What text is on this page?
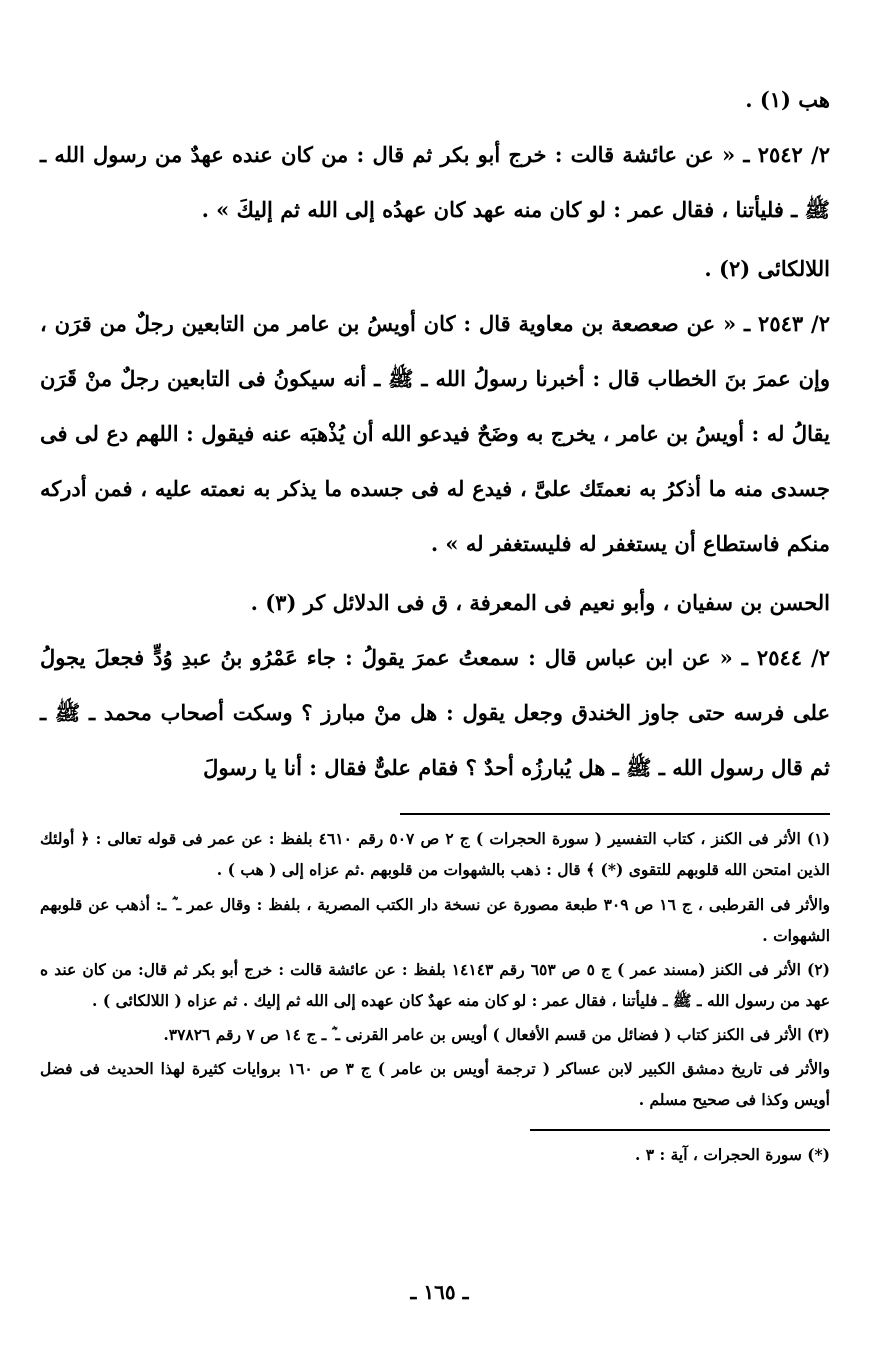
هب (١) .

٢/ ٢٥٤٢ ـ « عن عائشة قالت : خرج أبو بكر ثم قال : من كان عنده عهدٌ من رسول الله ـ ﷺ ـ فليأتنا ، فقال عمر : لو كان منه عهد كان عهدُه إلى الله ثم إليكَ » .

اللالكائى (٢) .

٢/ ٢٥٤٣ ـ « عن صعصعة بن معاوية قال : كان أويسُ بن عامر من التابعين رجلٌ من قرَن ، وإن عمرَ بنَ الخطاب قال : أخبرنا رسولُ الله ـ ﷺ ـ أنه سيكونُ فى التابعين رجلٌ منْ قَرَن يقالُ له : أويسُ بن عامر ، يخرج به وضَحٌ فيدعو الله أن يُذْهبَه عنه فيقول : اللهم دع لى فى جسدى منه ما أذكرُ به نعمتَك علىَّ ، فيدع له فى جسده ما يذكر به نعمته عليه ، فمن أدركه منكم فاستطاع أن يستغفر له فليستغفر له » .

الحسن بن سفيان ، وأبو نعيم فى المعرفة ، ق فى الدلائل كر (٣) .

٢/ ٢٥٤٤ ـ « عن ابن عباس قال : سمعتُ عمرَ يقولُ : جاء عَمْرُو بنُ عبدِ وُدٍّ فجعلَ يجولُ على فرسه حتى جاوز الخندق وجعل يقول : هل منْ مبارز ؟ وسكت أصحاب محمد ـ ﷺ ـ ثم قال رسول الله ـ ﷺ ـ هل يُبارزُه أحدٌ ؟ فقام علىٌّ فقال : أنا يا رسولَ

(١) الأثر فى الكنز ، كتاب التفسير ( سورة الحجرات ) ج ٢ ص ٥٠٧ رقم ٤٦١٠ بلفظ : عن عمر فى قوله تعالى : ﴿ أولئك الذين امتحن الله قلوبهم للتقوى (*) ﴾ قال : ذهب بالشهوات من قلوبهم .ثم عزاه إلى ( هب ) .

والأثر فى القرطبى ، ج ١٦ ص ٣٠٩ طبعة مصورة عن نسخة دار الكتب المصرية ، بلفظ : وقال عمر ـ ؓ ـ: أذهب عن قلوبهم الشهوات .

(٢) الأثر فى الكنز (مسند عمر ) ج ٥ ص ٦٥٣ رقم ١٤١٤٣ بلفظ : عن عائشة قالت : خرج أبو بكر ثم قال: من كان عند ه عهد من رسول الله ـ ﷺ ـ فليأتنا ، فقال عمر : لو كان منه عهدٌ كان عهده إلى الله ثم إليك . ثم عزاه ( اللالكائى ) .

(٣) الأثر فى الكنز كتاب ( فضائل من قسم الأفعال ) أويس بن عامر القرنى ـ ؓ ـ ج ١٤ ص ٧ رقم ٣٧٨٢٦.

والأثر فى تاريخ دمشق الكبير لابن عساكر ( ترجمة أويس بن عامر ) ج ٣ ص ١٦٠ بروايات كثيرة لهذا الحديث فى فضل أويس وكذا فى صحيح مسلم .

(*) سورة الحجرات ، آية : ٣ .

ـ ١٦٥ ـ
